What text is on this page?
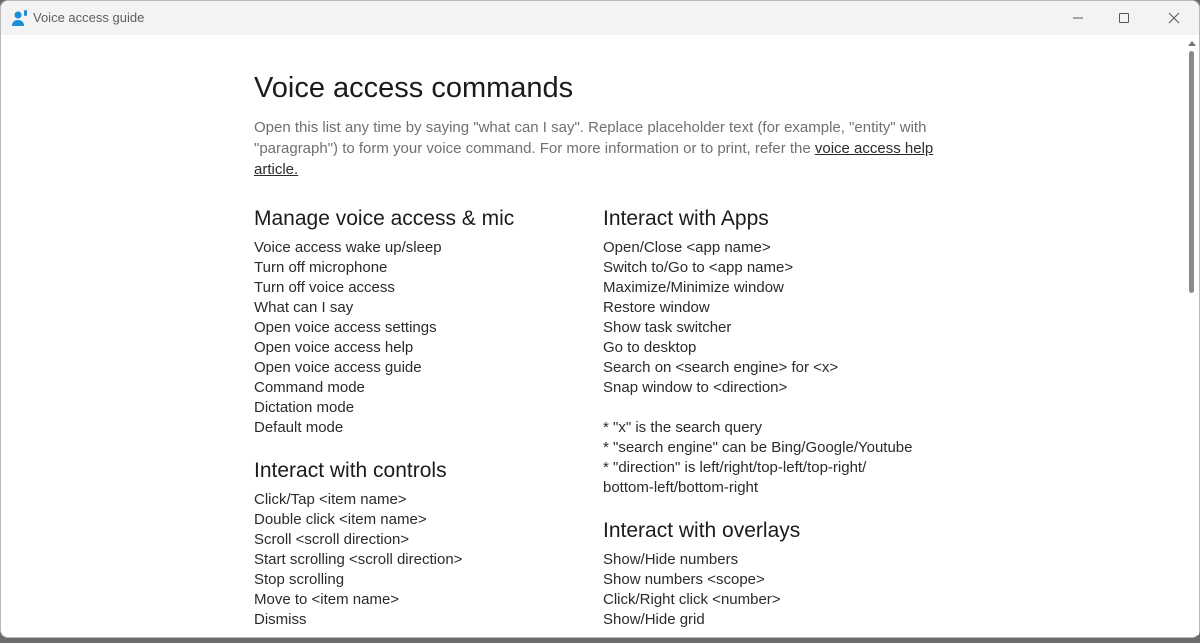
Voice access guide
Voice access commands

Open this list any time by saying "what can I say". Replace placeholder text (for example, "entity" with "paragraph") to form your voice command. For more information or to print, refer the voice access help article.

Manage voice access & mic
Voice access wake up/sleep
Turn off microphone
Turn off voice access
What can I say
Open voice access settings
Open voice access help
Open voice access guide
Command mode
Dictation mode
Default mode
Interact with controls
Click/Tap <item name>
Double click <item name>
Scroll <scroll direction>
Start scrolling <scroll direction>
Stop scrolling
Move to <item name>
Dismiss
Interact with Apps
Open/Close <app name>
Switch to/Go to <app name>
Maximize/Minimize window
Restore window
Show task switcher
Go to desktop
Search on <search engine> for <x>
Snap window to <direction>
* "x" is the search query
* "search engine" can be Bing/Google/Youtube
* "direction" is left/right/top-left/top-right/
bottom-left/bottom-right
Interact with overlays
Show/Hide numbers
Show numbers <scope>
Click/Right click <number>
Show/Hide grid
